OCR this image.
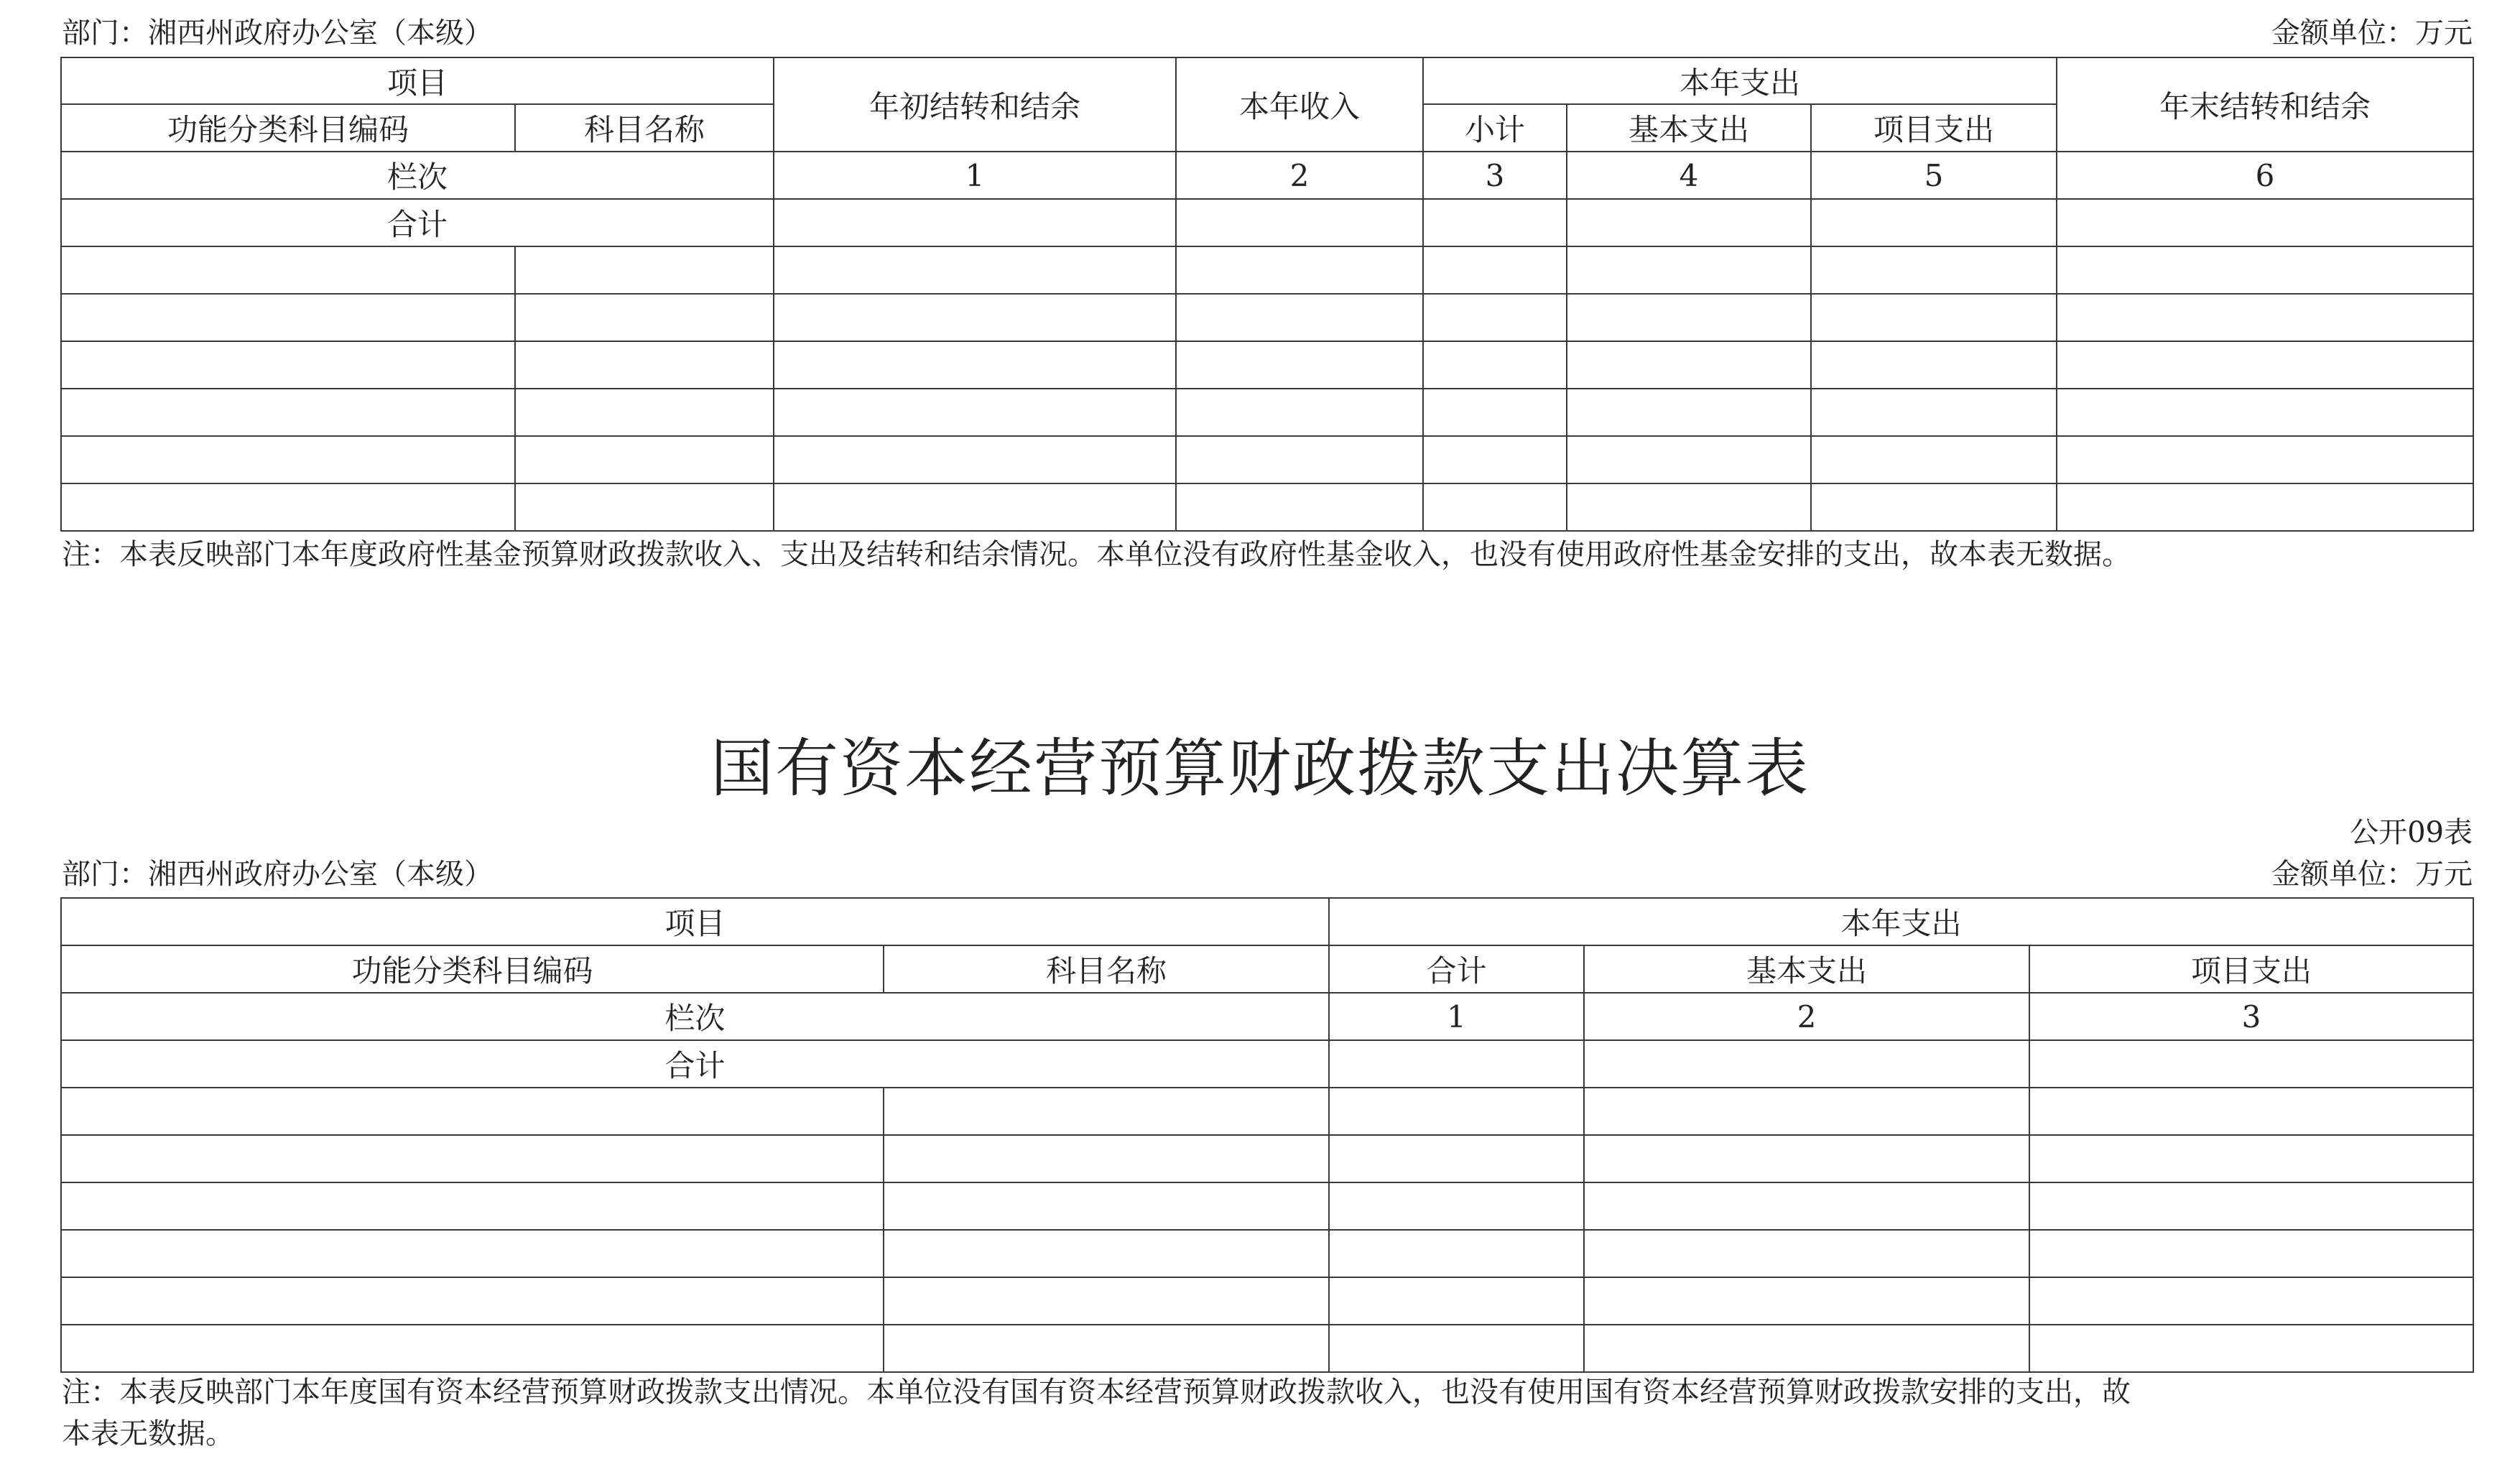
部门：湘西州政府办公室（本级）	金额单位：万元
项目		年初结转和结余	本年收入	本年支出			年末结转和结余
功能分类科目编码	科目名称			小计	基本支出	项目支出	
栏次		1	2	3	4	5	6
合计							

注：本表反映部门本年度政府性基金预算财政拨款收入、支出及结转和结余情况。本单位没有政府性基金收入，也没有使用政府性基金安排的支出，故本表无数据。
国有资本经营预算财政拨款支出决算表
公开09表
部门：湘西州政府办公室（本级）	金额单位：万元
项目		本年支出		
功能分类科目编码	科目名称	合计	基本支出	项目支出
栏次		1	2	3
合计				

注：本表反映部门本年度国有资本经营预算财政拨款支出情况。本单位没有国有资本经营预算财政拨款收入，也没有使用国有资本经营预算财政拨款安排的支出，故
本表无数据。
